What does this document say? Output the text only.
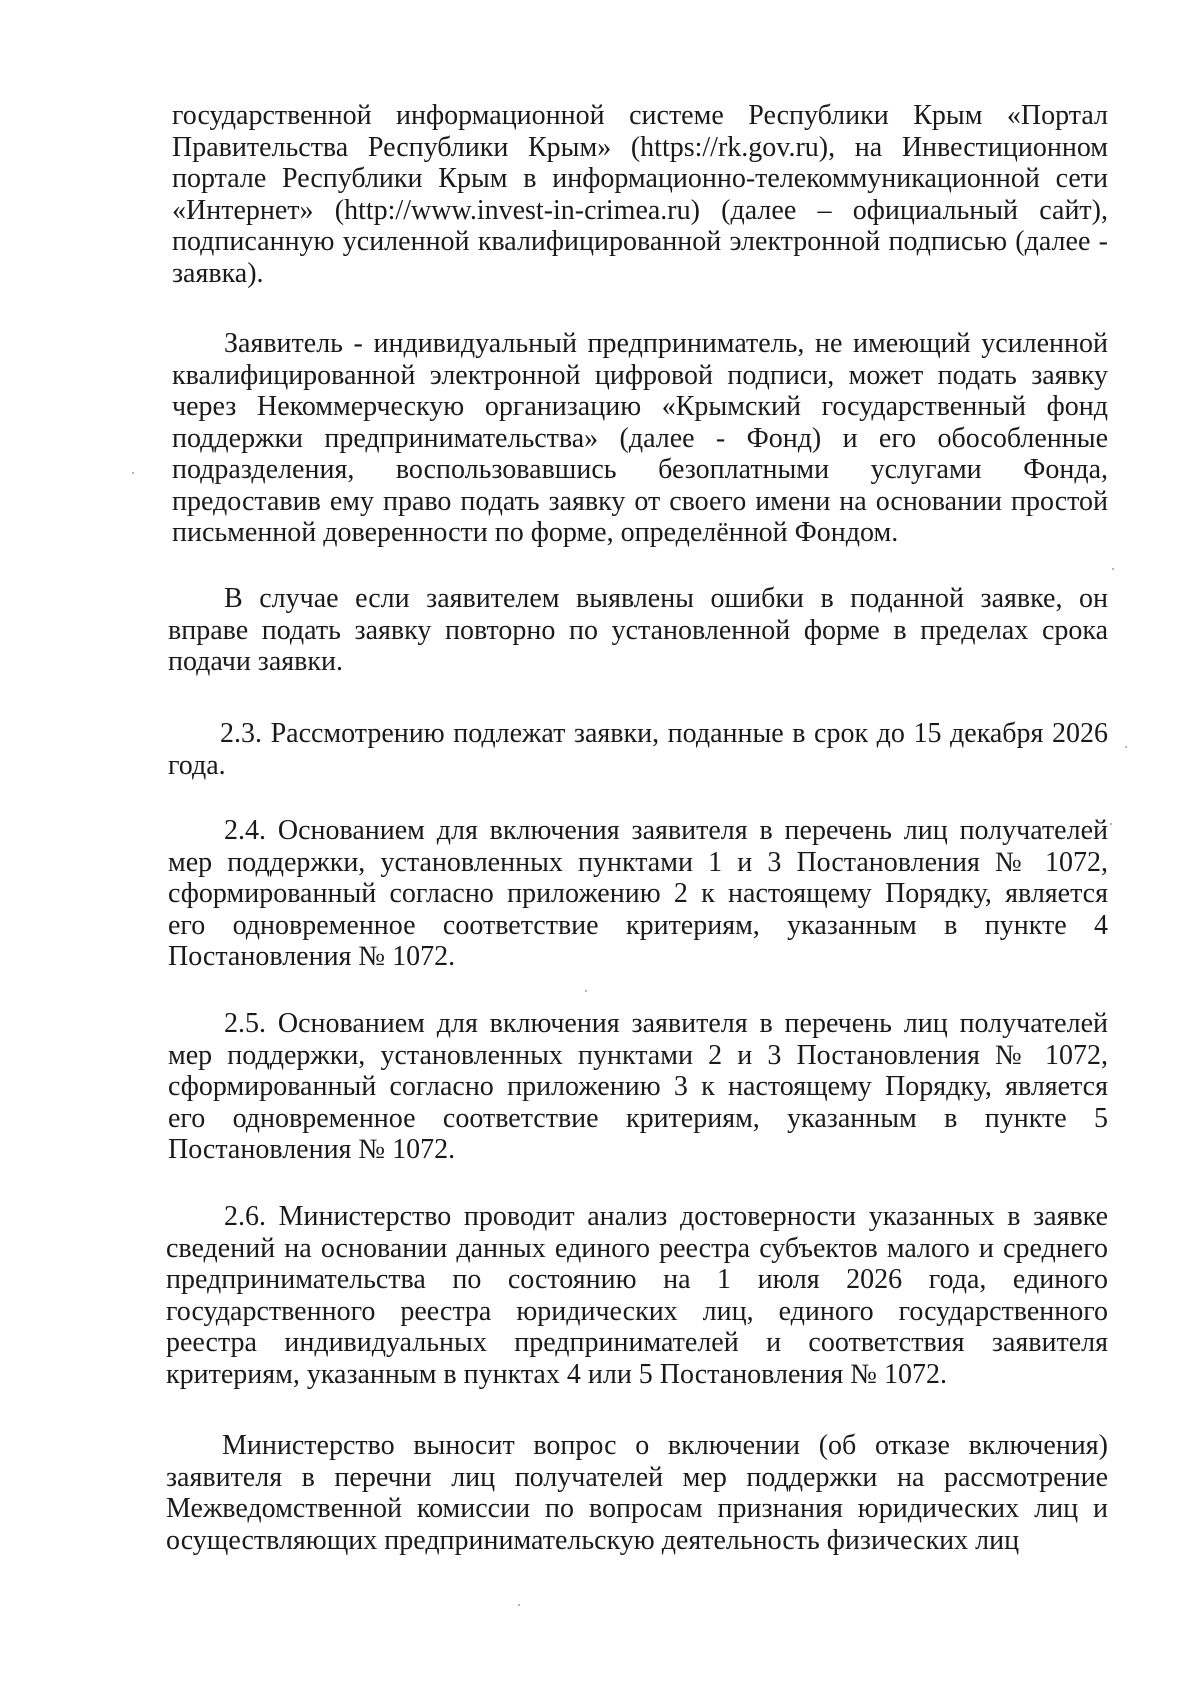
государственной информационной системе Республики Крым «Портал Правительства Республики Крым» (https://rk.gov.ru), на Инвестиционном портале Республики Крым в информационно-телекоммуникационной сети «Интернет» (http://www.invest-in-crimea.ru) (далее – официальный сайт), подписанную усиленной квалифицированной электронной подписью (далее - заявка).

Заявитель - индивидуальный предприниматель, не имеющий усиленной квалифицированной электронной цифровой подписи, может подать заявку через Некоммерческую организацию «Крымский государственный фонд поддержки предпринимательства» (далее - Фонд) и его обособленные подразделения, воспользовавшись безоплатными услугами Фонда, предоставив ему право подать заявку от своего имени на основании простой письменной доверенности по форме, определённой Фондом.

В случае если заявителем выявлены ошибки в поданной заявке, он вправе подать заявку повторно по установленной форме в пределах срока подачи заявки.

2.3. Рассмотрению подлежат заявки, поданные в срок до 15 декабря 2026 года.

2.4. Основанием для включения заявителя в перечень лиц получателей мер поддержки, установленных пунктами 1 и 3 Постановления № 1072, сформированный согласно приложению 2 к настоящему Порядку, является его одновременное соответствие критериям, указанным в пункте 4 Постановления № 1072.

2.5. Основанием для включения заявителя в перечень лиц получателей мер поддержки, установленных пунктами 2 и 3 Постановления № 1072, сформированный согласно приложению 3 к настоящему Порядку, является его одновременное соответствие критериям, указанным в пункте 5 Постановления № 1072.

2.6. Министерство проводит анализ достоверности указанных в заявке сведений на основании данных единого реестра субъектов малого и среднего предпринимательства по состоянию на 1 июля 2026 года, единого государственного реестра юридических лиц, единого государственного реестра индивидуальных предпринимателей и соответствия заявителя критериям, указанным в пунктах 4 или 5 Постановления № 1072.

Министерство выносит вопрос о включении (об отказе включения) заявителя в перечни лиц получателей мер поддержки на рассмотрение Межведомственной комиссии по вопросам признания юридических лиц и осуществляющих предпринимательскую деятельность физических лиц
